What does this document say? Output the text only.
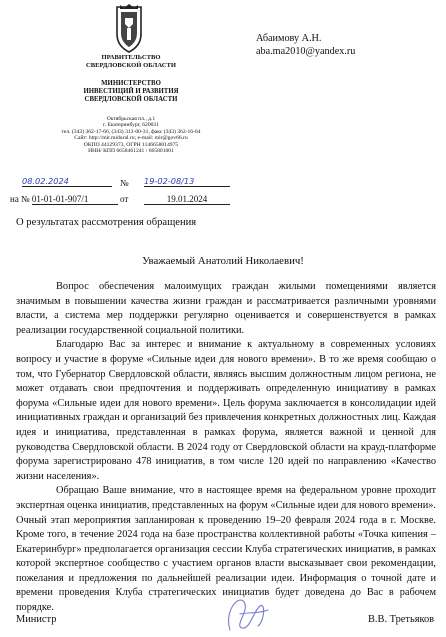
ПРАВИТЕЛЬСТВО
СВЕРДЛОВСКОЙ ОБЛАСТИ
МИНИСТЕРСТВО
ИНВЕСТИЦИЙ И РАЗВИТИЯ
СВЕРДЛОВСКОЙ ОБЛАСТИ
Октябрьская пл., д.1
г. Екатеринбург, 620031
тел. (343) 362-17-66, (343) 312-00-31, факс (343) 362-16-64
Сайт: http://mir.midural.ru; e-mail: mir@gov66.ru
ОКПО 44129373, ОГРН 1146658014975
ИНН/ КПП 6658461241 / 665801001
Абаимову А.Н.
aba.ma2010@yandex.ru
08.02.2024	№ 19-02-08/13
на № 01-01-01-907/1	от	19.01.2024
О результатах рассмотрения обращения
Уважаемый Анатолий Николаевич!

Вопрос обеспечения малоимущих граждан жилыми помещениями является значимым в повышении качества жизни граждан и рассматривается различными уровнями власти, а система мер поддержки регулярно оценивается и совершенствуется в рамках реализации государственной социальной политики.

Благодарю Вас за интерес и внимание к актуальному в современных условиях вопросу и участие в форуме «Сильные идеи для нового времени». В то же время сообщаю о том, что Губернатор Свердловской области, являясь высшим должностным лицом региона, не может отдавать свои предпочтения и поддерживать определенную инициативу в рамках форума «Сильные идеи для нового времени». Цель форума заключается в консолидации идей инициативных граждан и организаций без привлечения конкретных должностных лиц. Каждая идея и инициатива, представленная в рамках форума, является важной и ценной для руководства Свердловской области. В 2024 году от Свердловской области на крауд-платформе форума зарегистрировано 478 инициатив, в том числе 120 идей по направлению «Качество жизни населения».

Обращаю Ваше внимание, что в настоящее время на федеральном уровне проходит экспертная оценка инициатив, представленных на форум «Сильные идеи для нового времени». Очный этап мероприятия запланирован к проведению 19–20 февраля 2024 года в г. Москве. Кроме того, в течение 2024 года на базе пространства коллективной работы «Точка кипения – Екатеринбург» предполагается организация сессии Клуба стратегических инициатив, в рамках которой экспертное сообщество с участием органов власти высказывает свои рекомендации, пожелания и предложения по дальнейшей реализации идеи. Информация о точной дате и времени проведения Клуба стратегических инициатив будет доведена до Вас в рабочем порядке.

Министр	В.В. Третьяков
